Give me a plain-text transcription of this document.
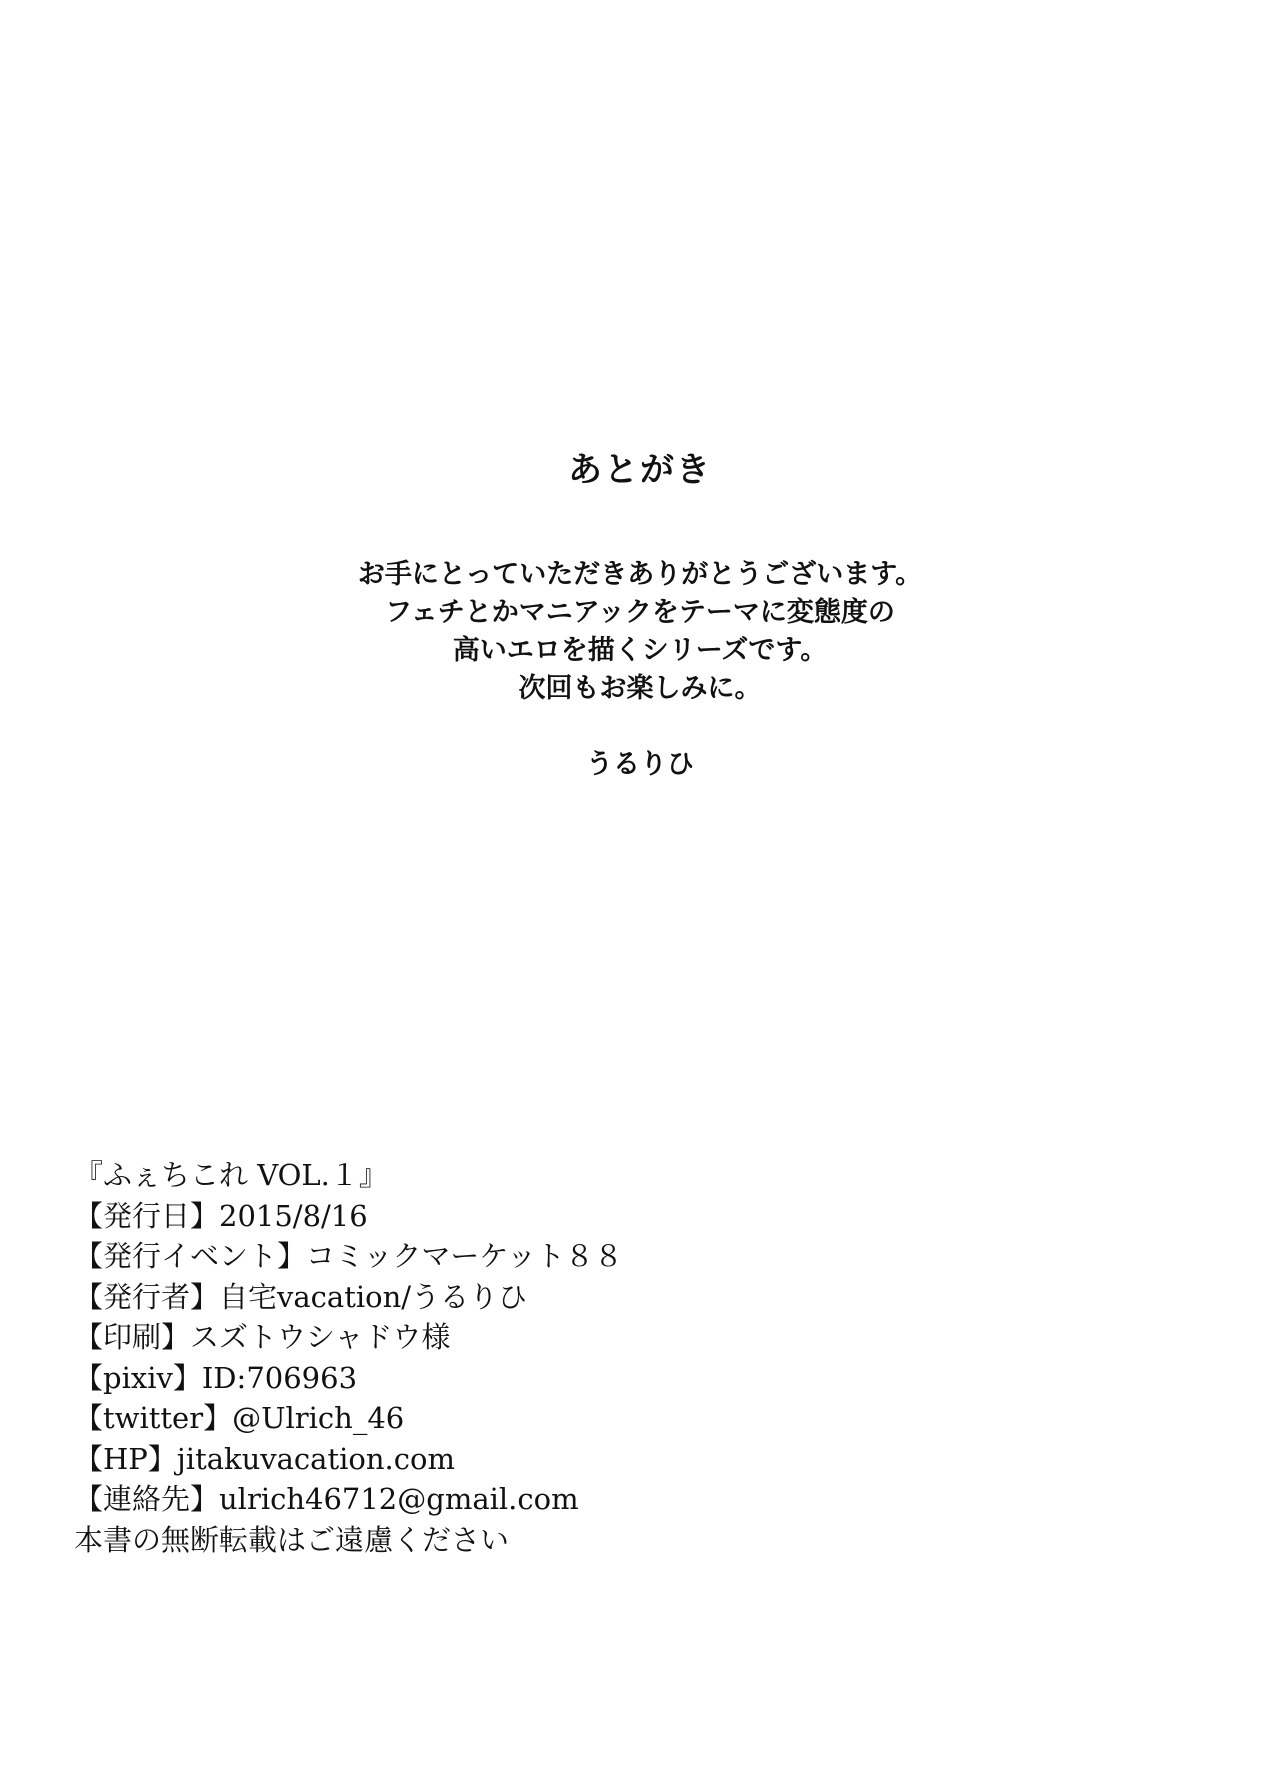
あとがき
お手にとっていただきありがとうございます。
フェチとかマニアックをテーマに変態度の
高いエロを描くシリーズです。
次回もお楽しみに。
うるりひ
『ふぇちこれ VOL.１』
【発行日】2015/8/16
【発行イベント】コミックマーケット８８
【発行者】自宅vacation/うるりひ
【印刷】スズトウシャドウ様
【pixiv】ID:706963
【twitter】@Ulrich_46
【HP】jitakuvacation.com
【連絡先】ulrich46712@gmail.com
本書の無断転載はご遠慮ください
